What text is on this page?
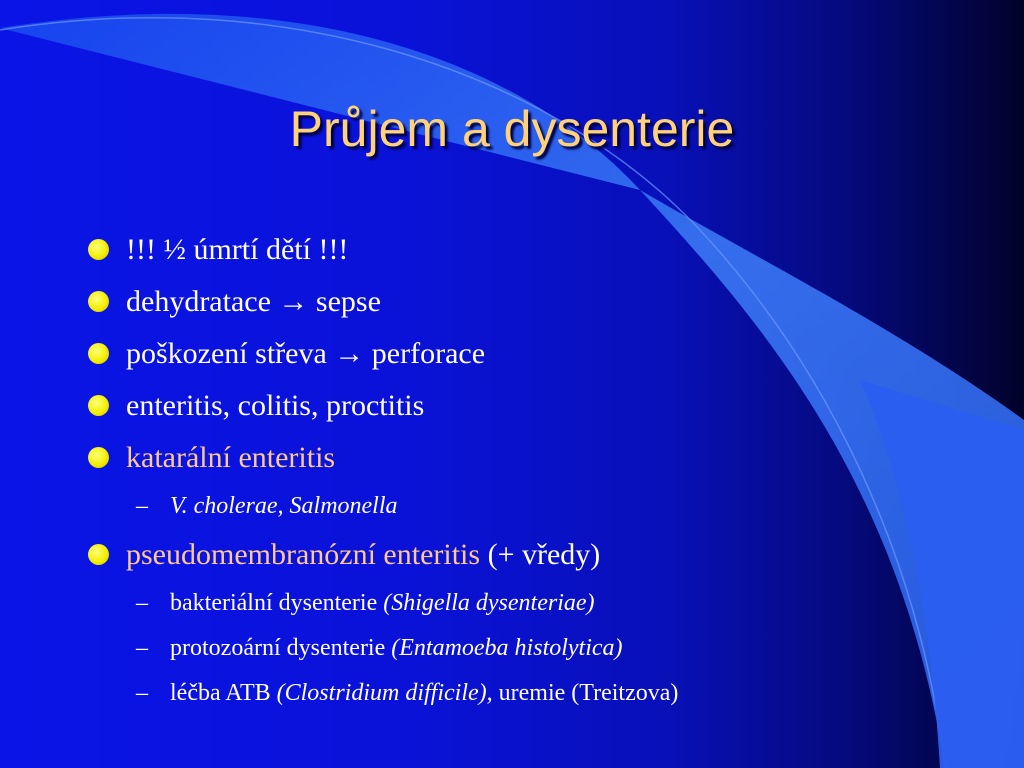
Průjem a dysenterie
!!! ½ úmrtí dětí !!!
dehydratace → sepse
poškození střeva → perforace
enteritis, colitis, proctitis
katarální enteritis
– V. cholerae, Salmonella
pseudomembranózní enteritis (+ vředy)
– bakteriální dysenterie (Shigella dysenteriae)
– protozoární dysenterie (Entamoeba histolytica)
– léčba ATB (Clostridium difficile), uremie (Treitzova)
